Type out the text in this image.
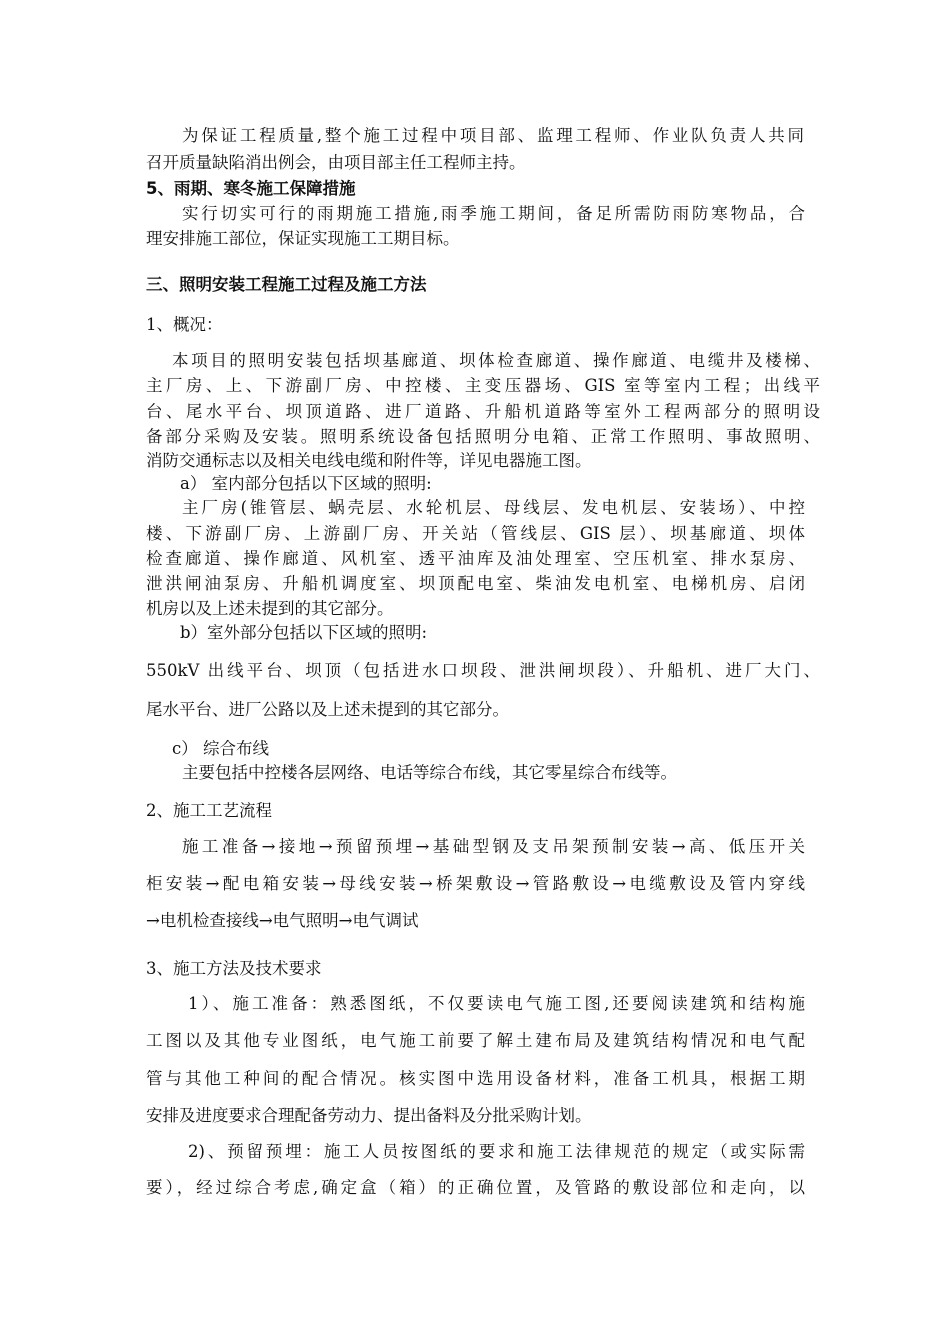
为保证工程质量,整个施工过程中项目部、监理工程师、作业队负责人共同
召开质量缺陷消出例会，由项目部主任工程师主持。
5、雨期、寒冬施工保障措施
实行切实可行的雨期施工措施,雨季施工期间，备足所需防雨防寒物品，合
理安排施工部位，保证实现施工工期目标。
三、照明安装工程施工过程及施工方法
1、概况：
本项目的照明安装包括坝基廊道、坝体检查廊道、操作廊道、电缆井及楼梯、
主厂房、上、下游副厂房、中控楼、主变压器场、GIS 室等室内工程；出线平
台、尾水平台、坝顶道路、进厂道路、升船机道路等室外工程两部分的照明设
备部分采购及安装。照明系统设备包括照明分电箱、正常工作照明、事故照明、
消防交通标志以及相关电线电缆和附件等，详见电器施工图。
a） 室内部分包括以下区域的照明:
主厂房(锥管层、蜗壳层、水轮机层、母线层、发电机层、安装场）、中控
楼、下游副厂房、上游副厂房、开关站（管线层、GIS 层）、坝基廊道、坝体
检查廊道、操作廊道、风机室、透平油库及油处理室、空压机室、排水泵房、
泄洪闸油泵房、升船机调度室、坝顶配电室、柴油发电机室、电梯机房、启闭
机房以及上述未提到的其它部分。
b）室外部分包括以下区域的照明:
550kV 出线平台、坝顶（包括进水口坝段、泄洪闸坝段）、升船机、进厂大门、
尾水平台、进厂公路以及上述未提到的其它部分。
c） 综合布线
主要包括中控楼各层网络、电话等综合布线，其它零星综合布线等。
2、施工工艺流程
施工准备→接地→预留预埋→基础型钢及支吊架预制安装→高、低压开关
柜安装→配电箱安装→母线安装→桥架敷设→管路敷设→电缆敷设及管内穿线
→电机检查接线→电气照明→电气调试
3、施工方法及技术要求
1）、施工准备：熟悉图纸，不仅要读电气施工图,还要阅读建筑和结构施
工图以及其他专业图纸，电气施工前要了解土建布局及建筑结构情况和电气配
管与其他工种间的配合情况。核实图中选用设备材料，准备工机具，根据工期
安排及进度要求合理配备劳动力、提出备料及分批采购计划。
2)、预留预埋：施工人员按图纸的要求和施工法律规范的规定（或实际需
要），经过综合考虑,确定盒（箱）的正确位置，及管路的敷设部位和走向，以
